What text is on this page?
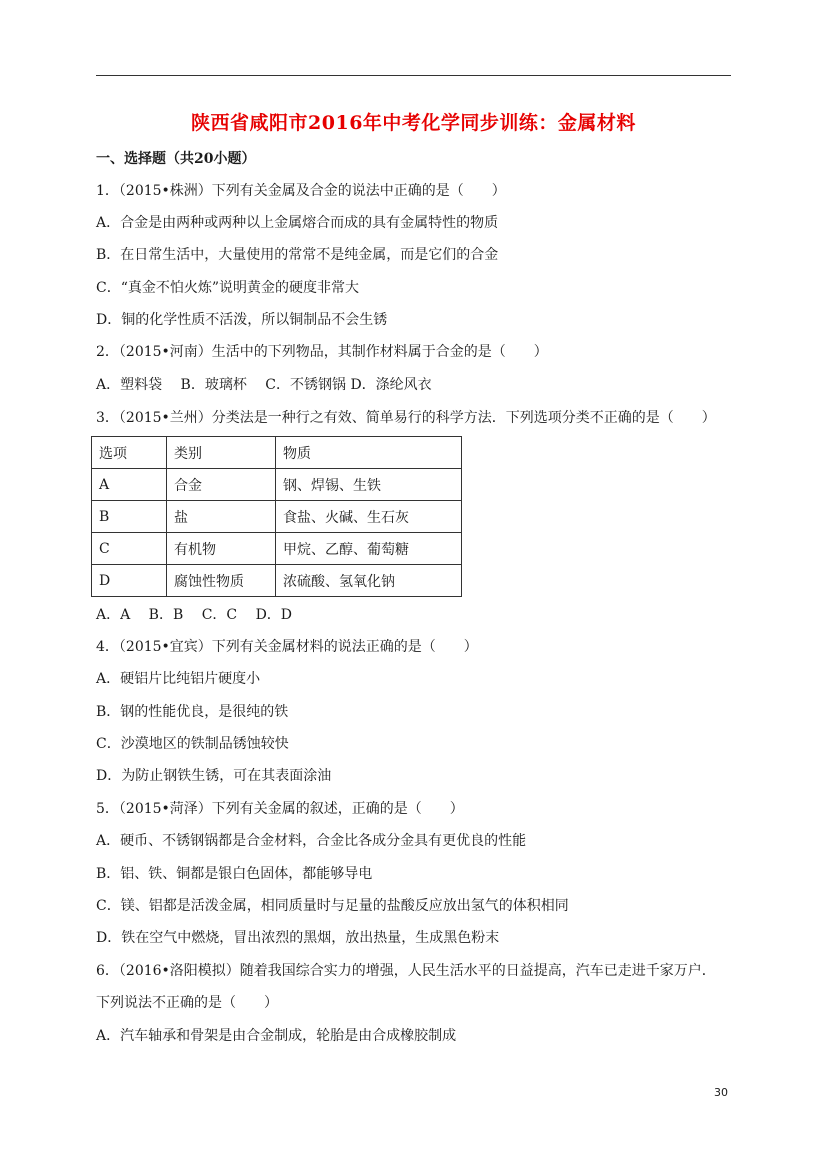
陕西省咸阳市2016年中考化学同步训练：金属材料
一、选择题（共20小题）
1．（2015•株洲）下列有关金属及合金的说法中正确的是（　　）
A．合金是由两种或两种以上金属熔合而成的具有金属特性的物质
B．在日常生活中，大量使用的常常不是纯金属，而是它们的合金
C．“真金不怕火炼”说明黄金的硬度非常大
D．铜的化学性质不活泼，所以铜制品不会生锈
2．（2015•河南）生活中的下列物品，其制作材料属于合金的是（　　）
A．塑料袋　 B．玻璃杯　 C．不锈钢锅 D．涤纶风衣
3．（2015•兰州）分类法是一种行之有效、简单易行的科学方法．下列选项分类不正确的是（　　）
选项	类别	物质
A	合金	钢、焊锡、生铁
B	盐	食盐、火碱、生石灰
C	有机物	甲烷、乙醇、葡萄糖
D	腐蚀性物质	浓硫酸、氢氧化钠
A．A　 B．B　 C．C　 D．D
4．（2015•宜宾）下列有关金属材料的说法正确的是（　　）
A．硬铝片比纯铝片硬度小
B．钢的性能优良，是很纯的铁
C．沙漠地区的铁制品锈蚀较快
D．为防止钢铁生锈，可在其表面涂油
5．（2015•菏泽）下列有关金属的叙述，正确的是（　　）
A．硬币、不锈钢锅都是合金材料，合金比各成分金具有更优良的性能
B．铝、铁、铜都是银白色固体，都能够导电
C．镁、铝都是活泼金属，相同质量时与足量的盐酸反应放出氢气的体积相同
D．铁在空气中燃烧，冒出浓烈的黑烟，放出热量，生成黑色粉末
6．（2016•洛阳模拟）随着我国综合实力的增强，人民生活水平的日益提高，汽车已走进千家万户．
下列说法不正确的是（　　）
A．汽车轴承和骨架是由合金制成，轮胎是由合成橡胶制成
30
